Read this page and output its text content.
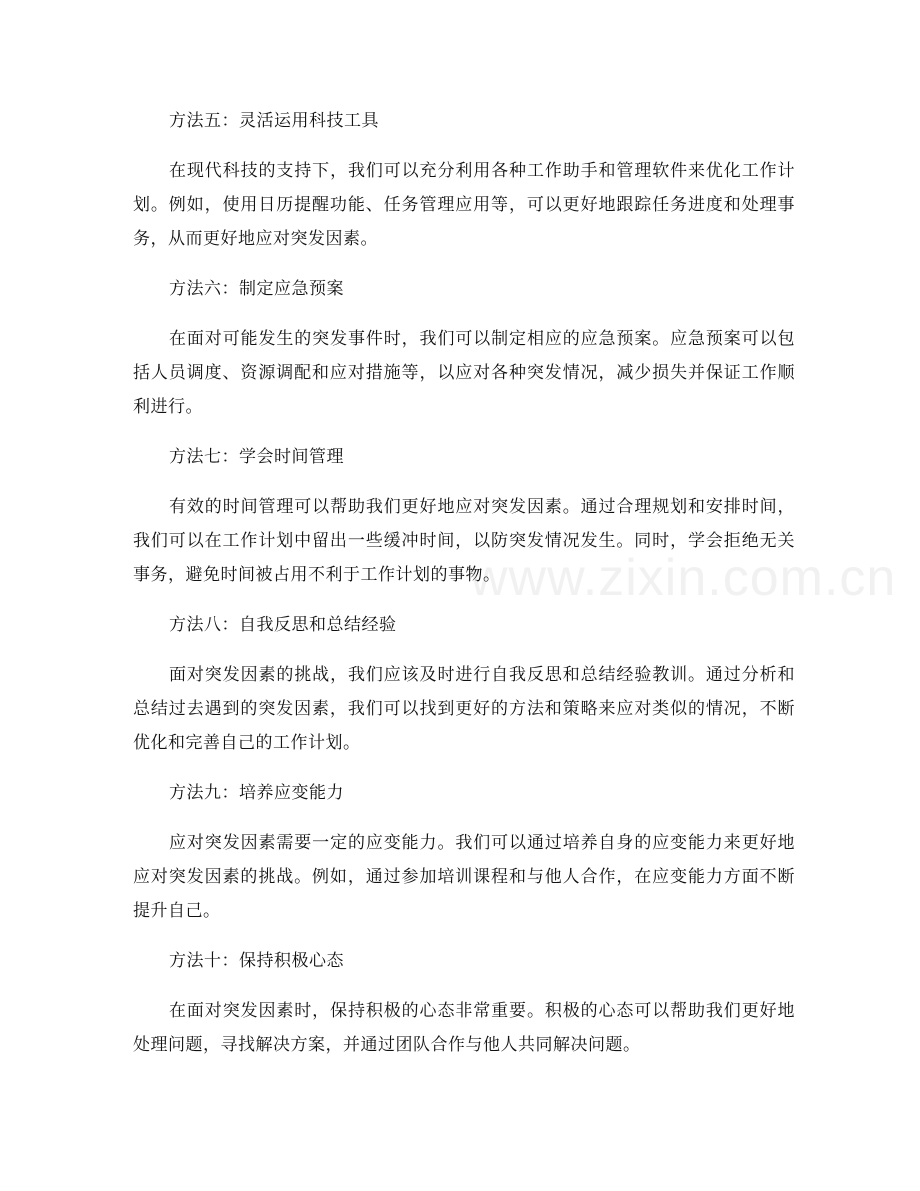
www.zixin.com.cn
方法五：灵活运用科技工具

在现代科技的支持下，我们可以充分利用各种工作助手和管理软件来优化工作计划。例如，使用日历提醒功能、任务管理应用等，可以更好地跟踪任务进度和处理事务，从而更好地应对突发因素。

方法六：制定应急预案

在面对可能发生的突发事件时，我们可以制定相应的应急预案。应急预案可以包括人员调度、资源调配和应对措施等，以应对各种突发情况，减少损失并保证工作顺利进行。

方法七：学会时间管理

有效的时间管理可以帮助我们更好地应对突发因素。通过合理规划和安排时间，我们可以在工作计划中留出一些缓冲时间，以防突发情况发生。同时，学会拒绝无关事务，避免时间被占用不利于工作计划的事物。

方法八：自我反思和总结经验

面对突发因素的挑战，我们应该及时进行自我反思和总结经验教训。通过分析和总结过去遇到的突发因素，我们可以找到更好的方法和策略来应对类似的情况，不断优化和完善自己的工作计划。

方法九：培养应变能力

应对突发因素需要一定的应变能力。我们可以通过培养自身的应变能力来更好地应对突发因素的挑战。例如，通过参加培训课程和与他人合作，在应变能力方面不断提升自己。

方法十：保持积极心态

在面对突发因素时，保持积极的心态非常重要。积极的心态可以帮助我们更好地处理问题，寻找解决方案，并通过团队合作与他人共同解决问题。
